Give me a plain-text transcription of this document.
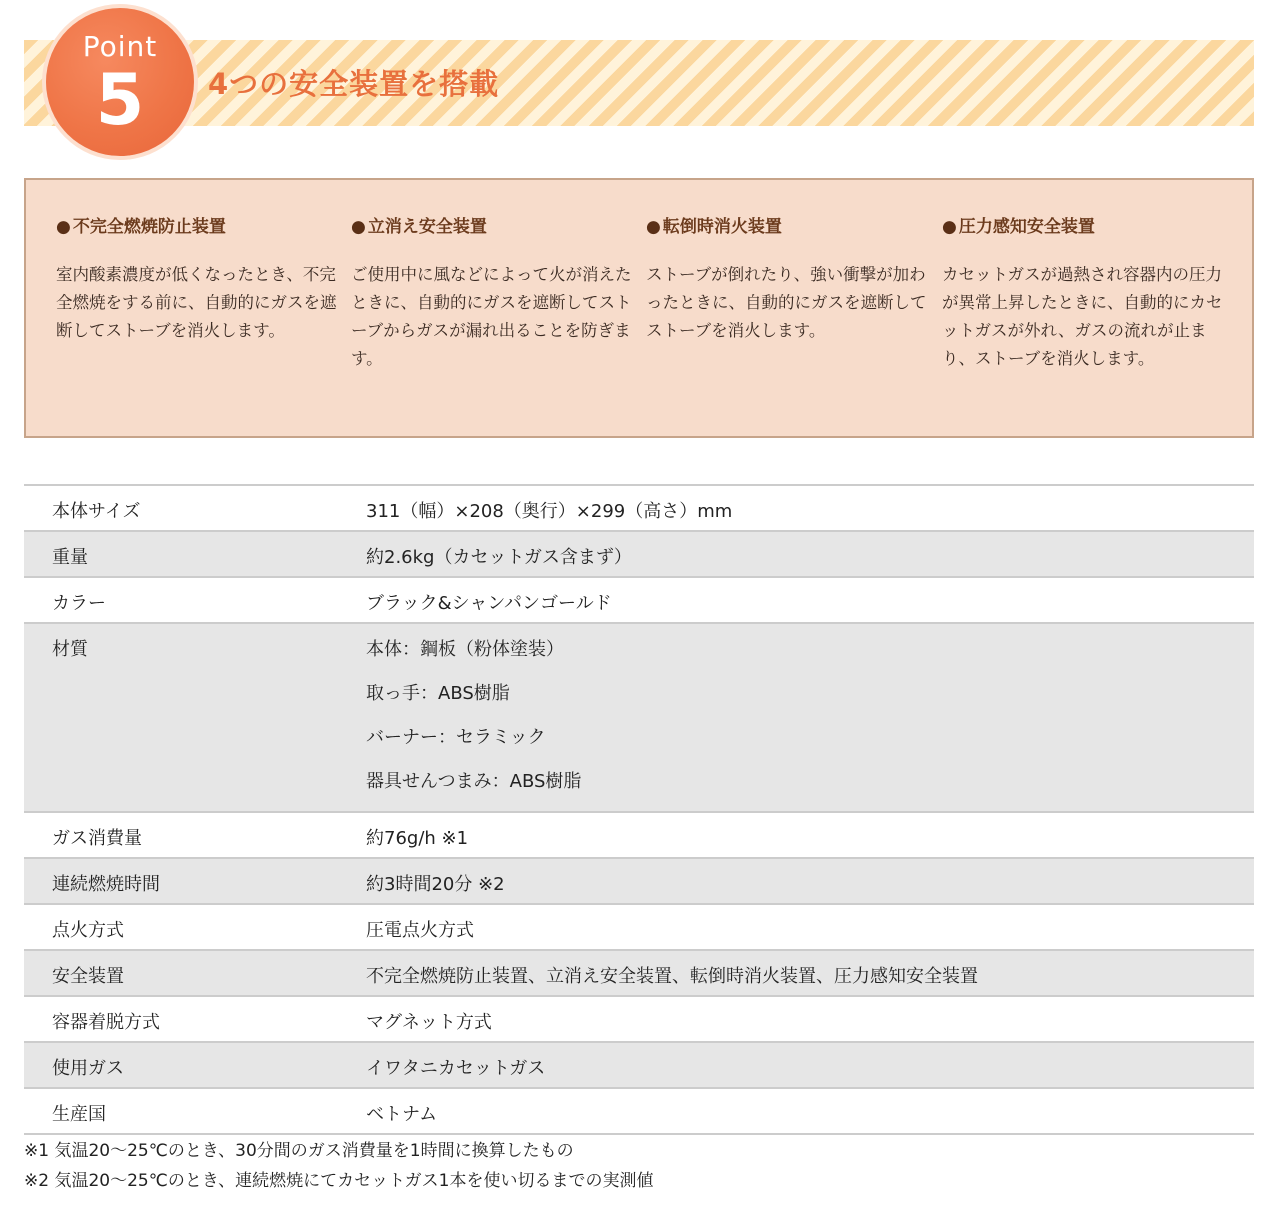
Point
5	4つの安全装置を搭載
● 不完全燃焼防止装置
室内酸素濃度が低くなったとき、不完全燃焼をする前に、自動的にガスを遮断してストーブを消火します。
● 立消え安全装置
ご使用中に風などによって火が消えたときに、自動的にガスを遮断してストーブからガスが漏れ出ることを防ぎます。
● 転倒時消火装置
ストーブが倒れたり、強い衝撃が加わったときに、自動的にガスを遮断してストーブを消火します。
● 圧力感知安全装置
カセットガスが過熱され容器内の圧力が異常上昇したときに、自動的にカセットガスが外れ、ガスの流れが止まり、ストーブを消火します。
本体サイズ	311（幅）×208（奥行）×299（高さ）mm
重量	約2.6kg（カセットガス含まず）
カラー	ブラック&シャンパンゴールド
材質	本体：鋼板（粉体塗装）
取っ手：ABS樹脂
バーナー：セラミック
器具せんつまみ：ABS樹脂

ガス消費量	約76g/h ※1
連続燃焼時間	約3時間20分 ※2
点火方式	圧電点火方式
安全装置	不完全燃焼防止装置、立消え安全装置、転倒時消火装置、圧力感知安全装置
容器着脱方式	マグネット方式
使用ガス	イワタニカセットガス
生産国	ベトナム
※1 気温20～25℃のとき、30分間のガス消費量を1時間に換算したもの
※2 気温20～25℃のとき、連続燃焼にてカセットガス1本を使い切るまでの実測値
